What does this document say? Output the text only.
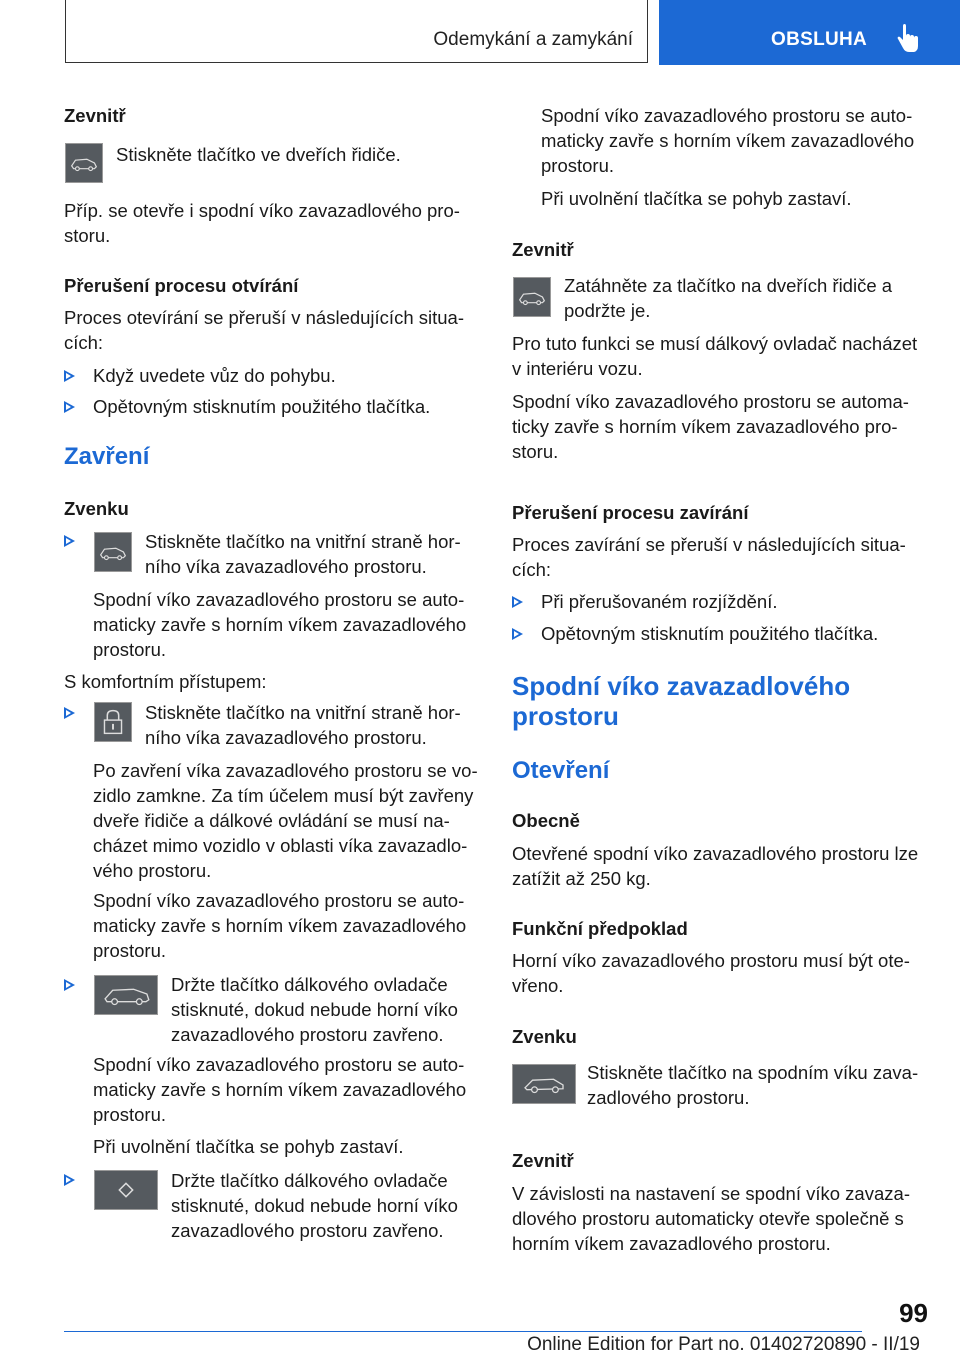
Odemykání a zamykání	OBSLUHA
Zevnitř
Stiskněte tlačítko ve dveřích řidiče.
Příp. se otevře i spodní víko zavazadlového prostoru.
Přerušení procesu otvírání
Proces otevírání se přeruší v následujících situacích:
Když uvedete vůz do pohybu.
Opětovným stisknutím použitého tlačítka.
Zavření
Zvenku
Stiskněte tlačítko na vnitřní straně horního víka zavazadlového prostoru.
Spodní víko zavazadlového prostoru se automaticky zavře s horním víkem zavazadlového prostoru.
S komfortním přístupem:
Stiskněte tlačítko na vnitřní straně horního víka zavazadlového prostoru.
Po zavření víka zavazadlového prostoru se vozidlo zamkne. Za tím účelem musí být zavřeny dveře řidiče a dálkové ovládání se musí nacházet mimo vozidlo v oblasti víka zavazadlového prostoru.
Spodní víko zavazadlového prostoru se automaticky zavře s horním víkem zavazadlového prostoru.
Držte tlačítko dálkového ovladače stisknuté, dokud nebude horní víko zavazadlového prostoru zavřeno.
Spodní víko zavazadlového prostoru se automaticky zavře s horním víkem zavazadlového prostoru.
Při uvolnění tlačítka se pohyb zastaví.
Držte tlačítko dálkového ovladače stisknuté, dokud nebude horní víko zavazadlového prostoru zavřeno.
Spodní víko zavazadlového prostoru se automaticky zavře s horním víkem zavazadlového prostoru.
Při uvolnění tlačítka se pohyb zastaví.
Zevnitř
Zatáhněte za tlačítko na dveřích řidiče a podržte je.
Pro tuto funkci se musí dálkový ovladač nacházet v interiéru vozu.
Spodní víko zavazadlového prostoru se automaticky zavře s horním víkem zavazadlového prostoru.
Přerušení procesu zavírání
Proces zavírání se přeruší v následujících situacích:
Při přerušovaném rozjíždění.
Opětovným stisknutím použitého tlačítka.
Spodní víko zavazadlového prostoru
Otevření
Obecně
Otevřené spodní víko zavazadlového prostoru lze zatížit až 250 kg.
Funkční předpoklad
Horní víko zavazadlového prostoru musí být otevřeno.
Zvenku
Stiskněte tlačítko na spodním víku zavazadlového prostoru.
Zevnitř
V závislosti na nastavení se spodní víko zavazadlového prostoru automaticky otevře společně s horním víkem zavazadlového prostoru.
99
Online Edition for Part no. 01402720890 - II/19
